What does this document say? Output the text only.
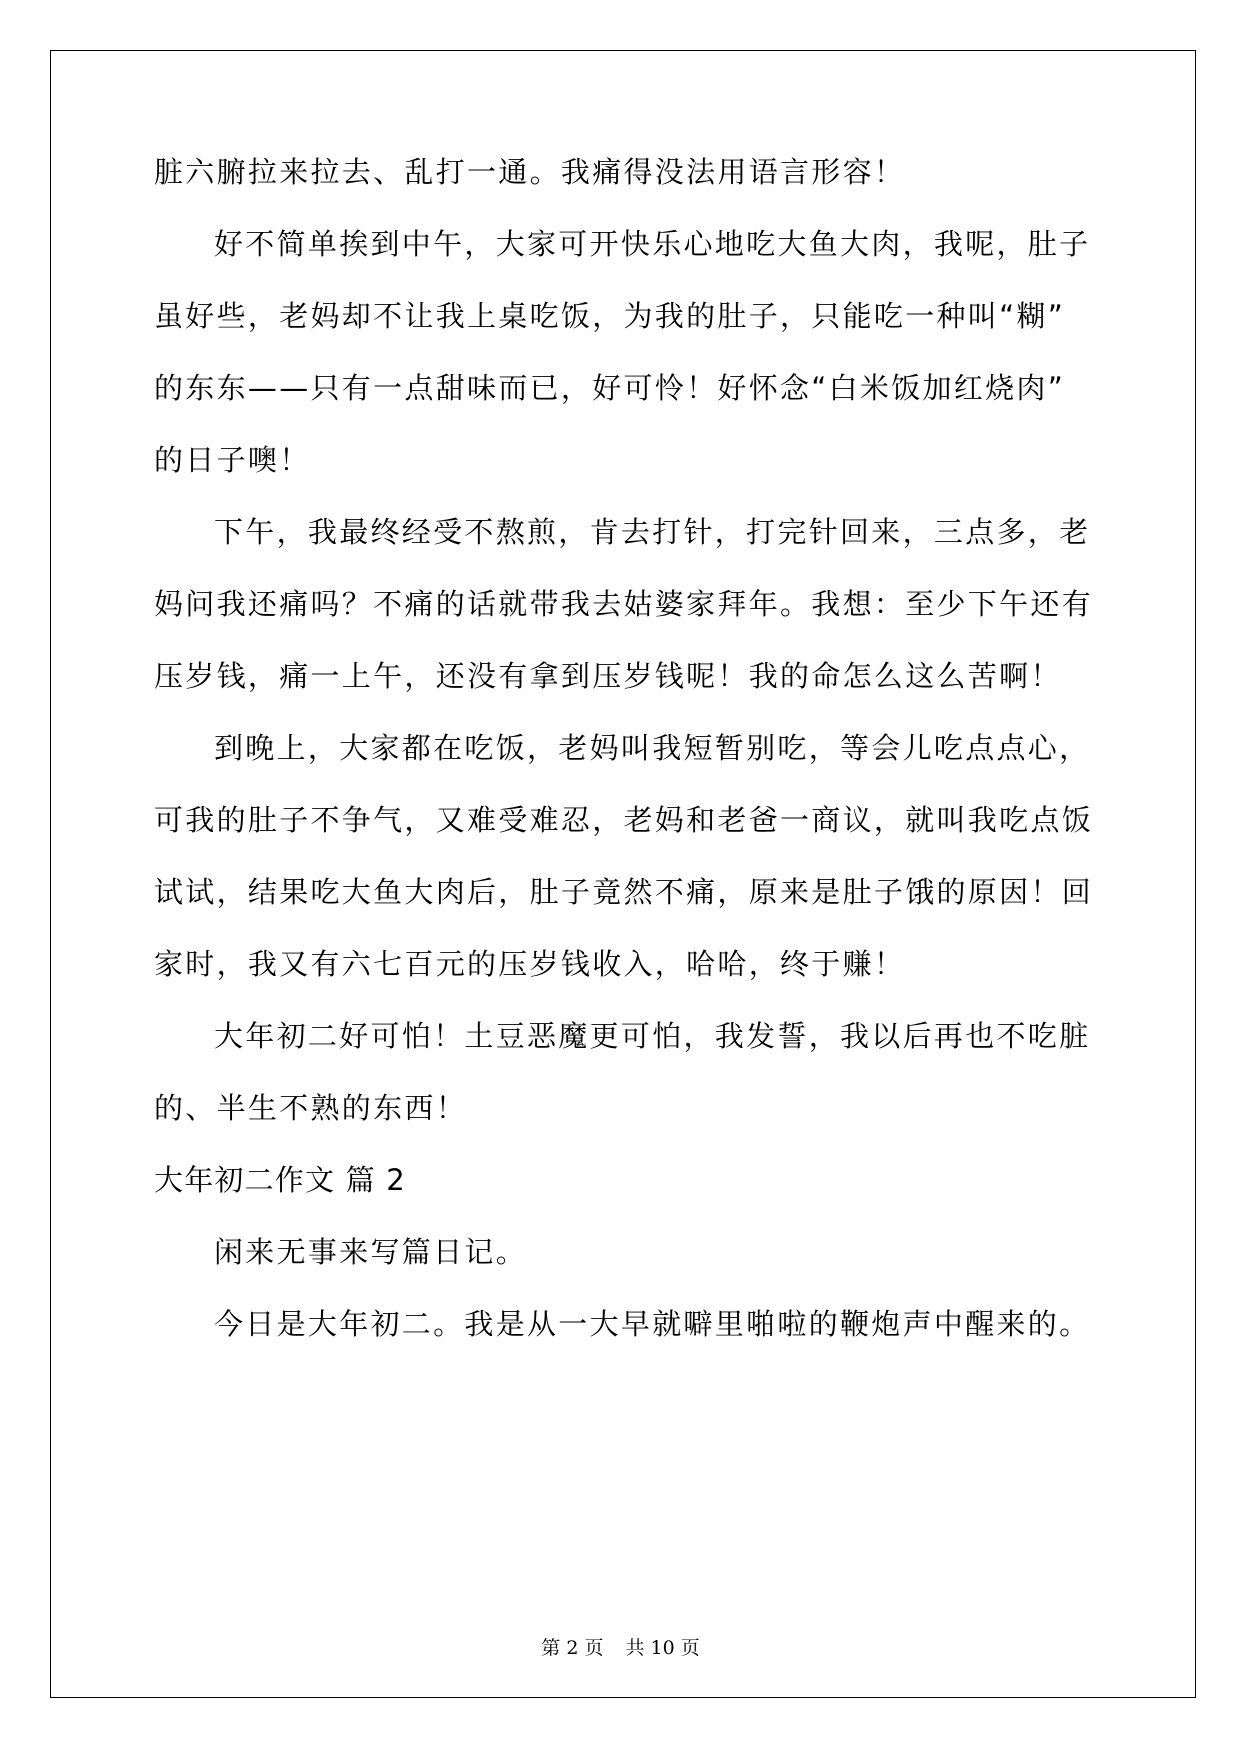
脏六腑拉来拉去、乱打一通。我痛得没法用语言形容！

好不简单挨到中午，大家可开快乐心地吃大鱼大肉，我呢，肚子

虽好些，老妈却不让我上桌吃饭，为我的肚子，只能吃一种叫“糊”

的东东——只有一点甜味而已，好可怜！好怀念“白米饭加红烧肉”

的日子噢！

下午，我最终经受不熬煎，肯去打针，打完针回来，三点多，老

妈问我还痛吗？不痛的话就带我去姑婆家拜年。我想：至少下午还有

压岁钱，痛一上午，还没有拿到压岁钱呢！我的命怎么这么苦啊！

到晚上，大家都在吃饭，老妈叫我短暂别吃，等会儿吃点点心，

可我的肚子不争气，又难受难忍，老妈和老爸一商议，就叫我吃点饭

试试，结果吃大鱼大肉后，肚子竟然不痛，原来是肚子饿的原因！回

家时，我又有六七百元的压岁钱收入，哈哈，终于赚！

大年初二好可怕！土豆恶魔更可怕，我发誓，我以后再也不吃脏

的、半生不熟的东西！

大年初二作文 篇 2

闲来无事来写篇日记。

今日是大年初二。我是从一大早就噼里啪啦的鞭炮声中醒来的。

第 2 页 共 10 页
